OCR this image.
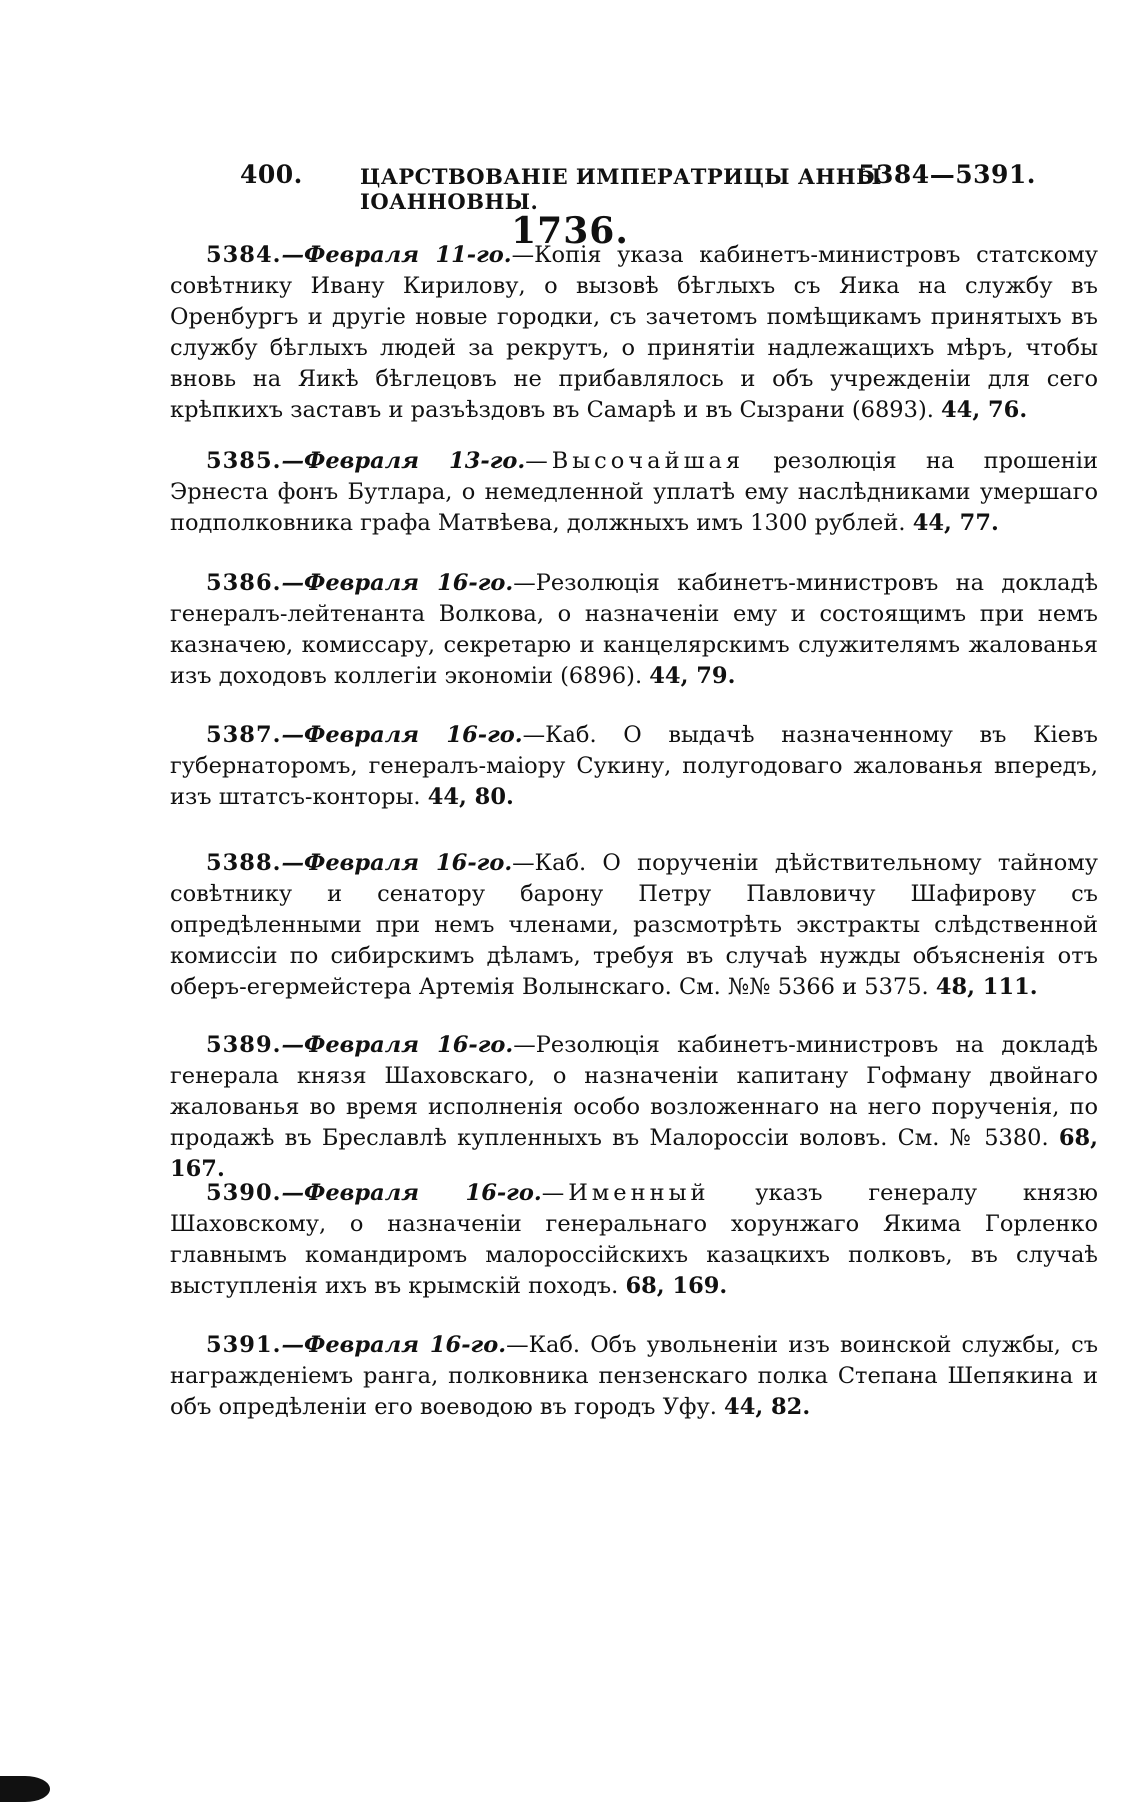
400.	ЦАРСТВОВАНІЕ ИМПЕРАТРИЦЫ АННЫ ІОАННОВНЫ.
5384—5391.
1736.
5384.—Февраля 11-го.—Копія указа кабинетъ-министровъ статскому совѣтнику Ивану Кирилову, о вызовѣ бѣглыхъ съ Яика на службу въ Оренбургъ и другіе новые городки, съ зачетомъ помѣщикамъ принятыхъ въ службу бѣглыхъ людей за рекрутъ, о принятіи надлежащихъ мѣръ, чтобы вновь на Яикѣ бѣглецовъ не прибавлялось и объ учрежденіи для сего крѣпкихъ заставъ и разъѣздовъ въ Самарѣ и въ Сызрани (6893). 44, 76.
5385.—Февраля 13-го.—Высочайшая резолюція на прошеніи Эрнеста фонъ Бутлара, о немедленной уплатѣ ему наслѣдниками умершаго подполковника графа Матвѣева, должныхъ имъ 1300 рублей. 44, 77.
5386.—Февраля 16-го.—Резолюція кабинетъ-министровъ на докладѣ генералъ-лейтенанта Волкова, о назначеніи ему и состоящимъ при немъ казначею, комиссару, секретарю и канцелярскимъ служителямъ жалованья изъ доходовъ коллегіи экономіи (6896). 44, 79.
5387.—Февраля 16-го.—Каб. О выдачѣ назначенному въ Кіевъ губернаторомъ, генералъ-маіору Сукину, полугодоваго жалованья впередъ, изъ штатсъ-конторы. 44, 80.
5388.—Февраля 16-го.—Каб. О порученіи дѣйствительному тайному совѣтнику и сенатору барону Петру Павловичу Шафирову съ опредѣленными при немъ членами, разсмотрѣть экстракты слѣдственной комиссіи по сибирскимъ дѣламъ, требуя въ случаѣ нужды объясненія отъ оберъ-егермейстера Артемія Волынскаго. См. №№ 5366 и 5375. 48, 111.
5389.—Февраля 16-го.—Резолюція кабинетъ-министровъ на докладѣ генерала князя Шаховскаго, о назначеніи капитану Гофману двойнаго жалованья во время исполненія особо возложеннаго на него порученія, по продажѣ въ Бреславлѣ купленныхъ въ Малороссіи воловъ. См. № 5380. 68, 167.
5390.—Февраля 16-го.—Именный указъ генералу князю Шаховскому, о назначеніи генеральнаго хорунжаго Якима Горленко главнымъ командиромъ малороссійскихъ казацкихъ полковъ, въ случаѣ выступленія ихъ въ крымскій походъ. 68, 169.
5391.—Февраля 16-го.—Каб. Объ увольненіи изъ воинской службы, съ награжденіемъ ранга, полковника пензенскаго полка Степана Шепякина и объ опредѣленіи его воеводою въ городъ Уфу. 44, 82.
